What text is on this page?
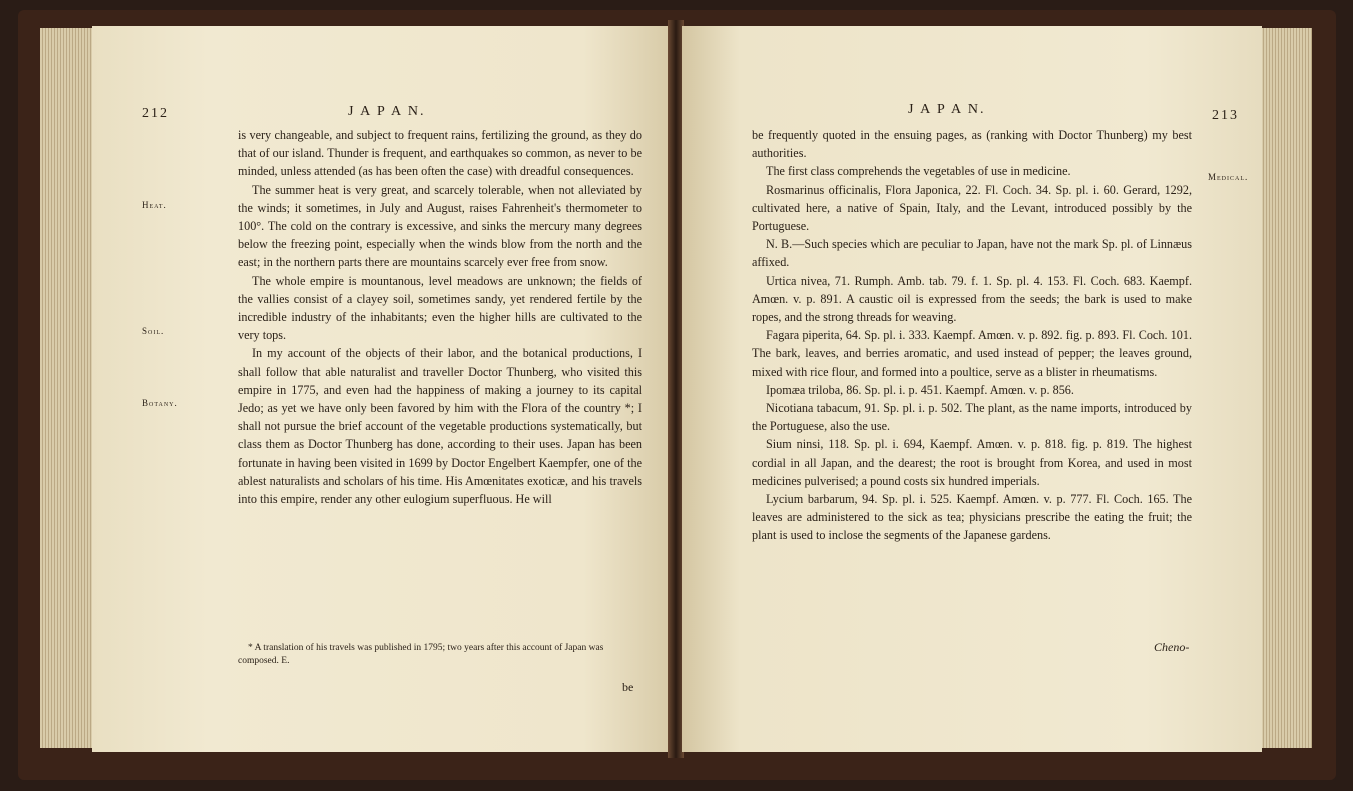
212	J A P A N.
Heat.
Soil.
Botany.

is very changeable, and subject to frequent rains, fertilizing the ground, as they do that of our island. Thunder is frequent, and earthquakes so common, as never to be minded, unless attended (as has been often the case) with dreadful consequences.

The summer heat is very great, and scarcely tolerable, when not alleviated by the winds; it sometimes, in July and August, raises Fahrenheit's thermometer to 100°. The cold on the contrary is excessive, and sinks the mercury many degrees below the freezing point, especially when the winds blow from the north and the east; in the northern parts there are mountains scarcely ever free from snow.

The whole empire is mountanous, level meadows are unknown; the fields of the vallies consist of a clayey soil, sometimes sandy, yet rendered fertile by the incredible industry of the inhabitants; even the higher hills are cultivated to the very tops.

In my account of the objects of their labor, and the botanical productions, I shall follow that able naturalist and traveller Doctor Thunberg, who visited this empire in 1775, and even had the happiness of making a journey to its capital Jedo; as yet we have only been favored by him with the Flora of the country *; I shall not pursue the brief account of the vegetable productions systematically, but class them as Doctor Thunberg has done, according to their uses. Japan has been fortunate in having been visited in 1699 by Doctor Engelbert Kaempfer, one of the ablest naturalists and scholars of his time. His Amœnitates exoticæ, and his travels into this empire, render any other eulogium superfluous. He will

* A translation of his travels was published in 1795; two years after this account of Japan was composed. E.
be
J A P A N.	213
Medical.

be frequently quoted in the ensuing pages, as (ranking with Doctor Thunberg) my best authorities.

The first class comprehends the vegetables of use in medicine.

Rosmarinus officinalis, Flora Japonica, 22. Fl. Coch. 34. Sp. pl. i. 60. Gerard, 1292, cultivated here, a native of Spain, Italy, and the Levant, introduced possibly by the Portuguese.

N. B.—Such species which are peculiar to Japan, have not the mark Sp. pl. of Linnæus affixed.

Urtica nivea, 71. Rumph. Amb. tab. 79. f. 1. Sp. pl. 4. 153. Fl. Coch. 683. Kaempf. Amœn. v. p. 891. A caustic oil is expressed from the seeds; the bark is used to make ropes, and the strong threads for weaving.

Fagara piperita, 64. Sp. pl. i. 333. Kaempf. Amœn. v. p. 892. fig. p. 893. Fl. Coch. 101. The bark, leaves, and berries aromatic, and used instead of pepper; the leaves ground, mixed with rice flour, and formed into a poultice, serve as a blister in rheumatisms.

Ipomæa triloba, 86. Sp. pl. i. p. 451. Kaempf. Amœn. v. p. 856.

Nicotiana tabacum, 91. Sp. pl. i. p. 502. The plant, as the name imports, introduced by the Portuguese, also the use.

Sium ninsi, 118. Sp. pl. i. 694, Kaempf. Amœn. v. p. 818. fig. p. 819. The highest cordial in all Japan, and the dearest; the root is brought from Korea, and used in most medicines pulverised; a pound costs six hundred imperials.

Lycium barbarum, 94. Sp. pl. i. 525. Kaempf. Amœn. v. p. 777. Fl. Coch. 165. The leaves are administered to the sick as tea; physicians prescribe the eating the fruit; the plant is used to inclose the segments of the Japanese gardens.

Cheno-
